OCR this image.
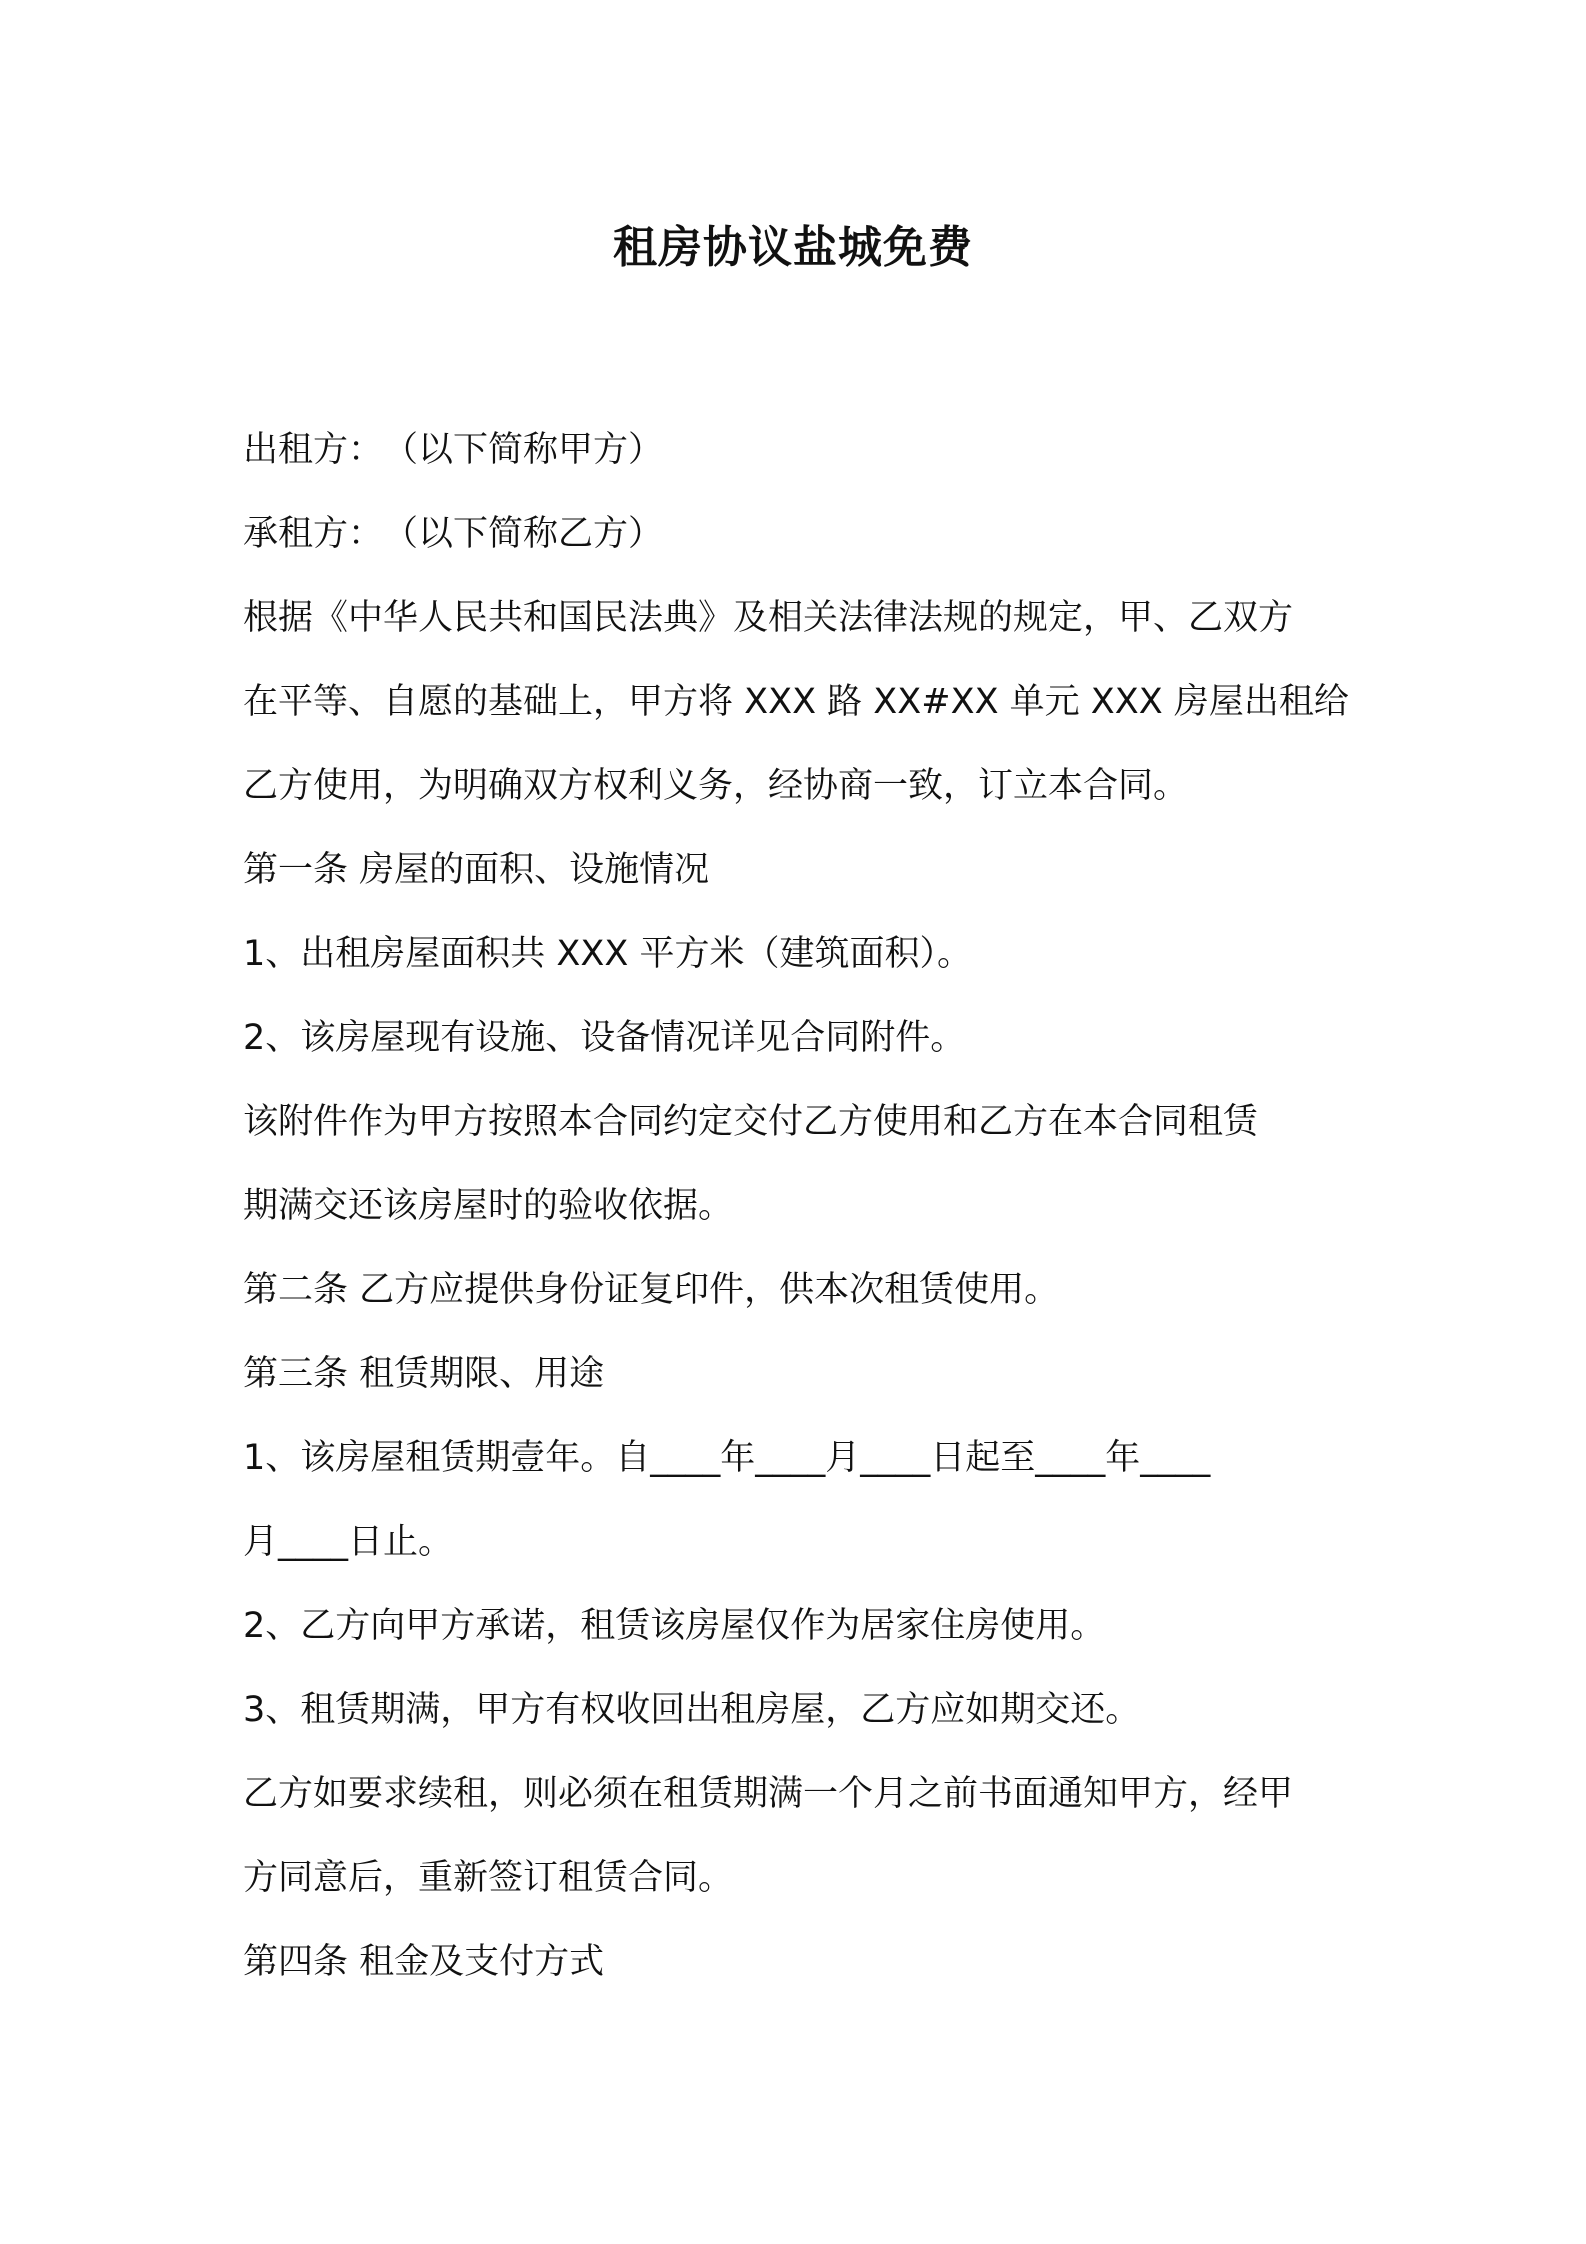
租房协议盐城免费
出租方：　（以下简称甲方）
承租方：　（以下简称乙方）
根据《中华人民共和国民法典》及相关法律法规的规定，甲、乙双方
在平等、自愿的基础上，甲方将 XXX 路 XX#XX 单元 XXX 房屋出租给
乙方使用，为明确双方权利义务，经协商一致，订立本合同。
第一条 房屋的面积、设施情况
1、出租房屋面积共 XXX 平方米（建筑面积）。
2、该房屋现有设施、设备情况详见合同附件。
该附件作为甲方按照本合同约定交付乙方使用和乙方在本合同租赁
期满交还该房屋时的验收依据。
第二条 乙方应提供身份证复印件，供本次租赁使用。
第三条 租赁期限、用途
1、该房屋租赁期壹年。自____年____月____日起至____年____
月____日止。
2、乙方向甲方承诺，租赁该房屋仅作为居家住房使用。
3、租赁期满，甲方有权收回出租房屋，乙方应如期交还。
乙方如要求续租，则必须在租赁期满一个月之前书面通知甲方，经甲
方同意后，重新签订租赁合同。
第四条 租金及支付方式
